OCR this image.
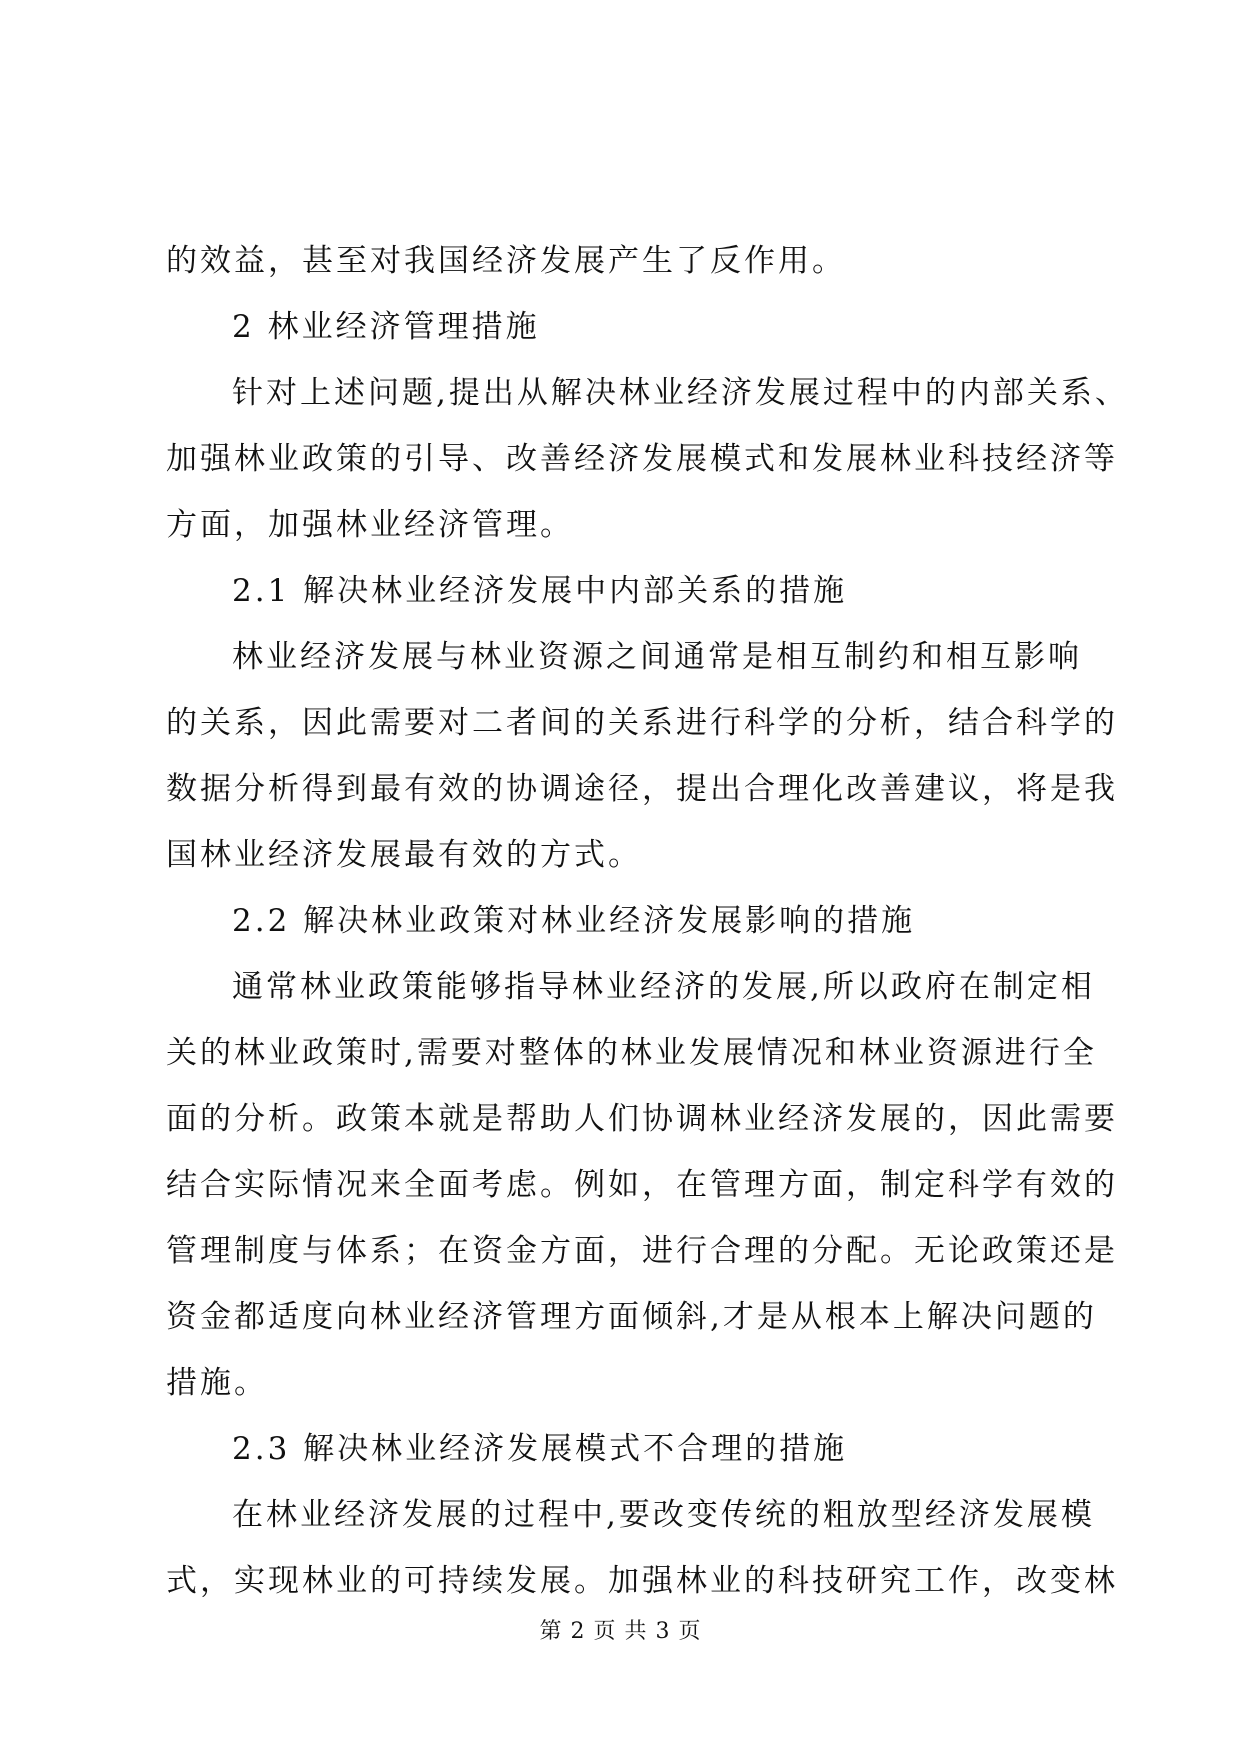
的效益，甚至对我国经济发展产生了反作用。
2 林业经济管理措施
针对上述问题,提出从解决林业经济发展过程中的内部关系、
加强林业政策的引导、改善经济发展模式和发展林业科技经济等
方面，加强林业经济管理。
2.1 解决林业经济发展中内部关系的措施
林业经济发展与林业资源之间通常是相互制约和相互影响
的关系，因此需要对二者间的关系进行科学的分析，结合科学的
数据分析得到最有效的协调途径，提出合理化改善建议，将是我
国林业经济发展最有效的方式。
2.2 解决林业政策对林业经济发展影响的措施
通常林业政策能够指导林业经济的发展,所以政府在制定相
关的林业政策时,需要对整体的林业发展情况和林业资源进行全
面的分析。政策本就是帮助人们协调林业经济发展的，因此需要
结合实际情况来全面考虑。例如，在管理方面，制定科学有效的
管理制度与体系；在资金方面，进行合理的分配。无论政策还是
资金都适度向林业经济管理方面倾斜,才是从根本上解决问题的
措施。
2.3 解决林业经济发展模式不合理的措施
在林业经济发展的过程中,要改变传统的粗放型经济发展模
式，实现林业的可持续发展。加强林业的科技研究工作，改变林
第 2 页 共 3 页
